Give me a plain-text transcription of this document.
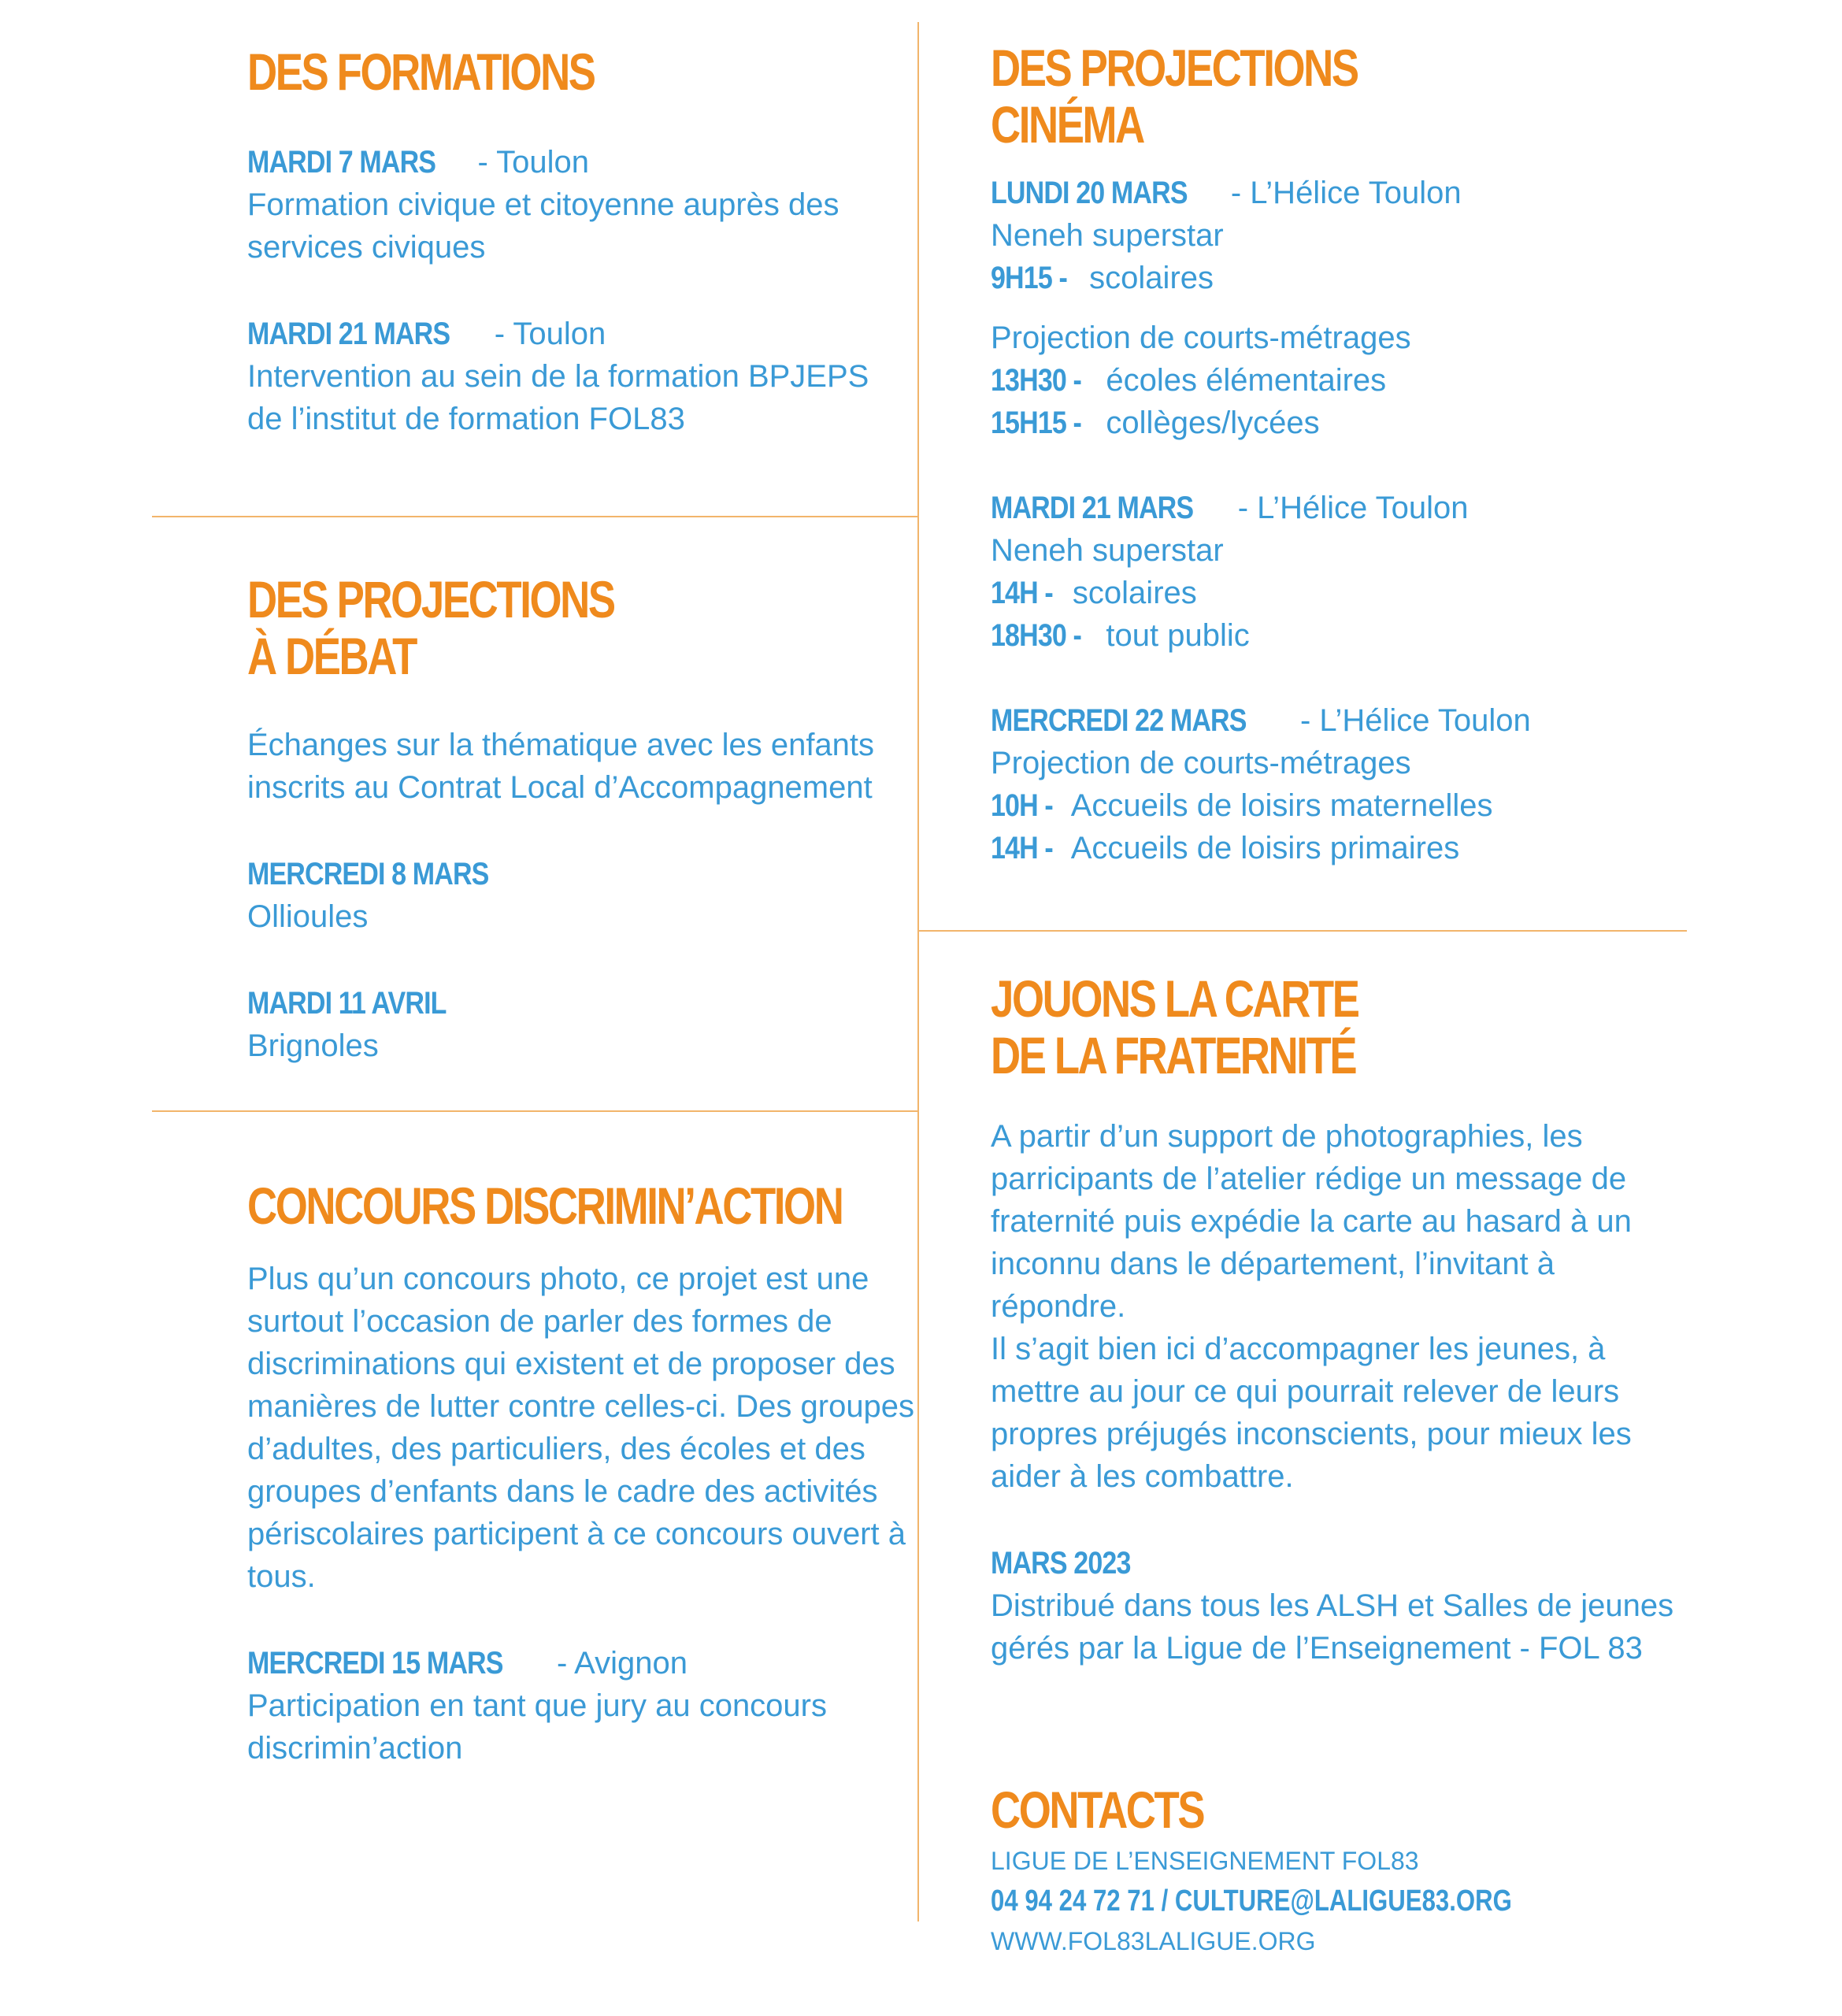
DES FORMATIONS
MARDI 7 MARS - Toulon
Formation civique et citoyenne auprès des
services civiques
MARDI 21 MARS - Toulon
Intervention au sein de la formation BPJEPS
de l’institut de formation FOL83
DES PROJECTIONS
À DÉBAT
Échanges sur la thématique avec les enfants
inscrits au Contrat Local d’Accompagnement
MERCREDI 8 MARS
Ollioules
MARDI 11 AVRIL
Brignoles
CONCOURS DISCRIMIN’ACTION
Plus qu’un concours photo, ce projet est une
surtout l’occasion de parler des formes de
discriminations qui existent et de proposer des
manières de lutter contre celles-ci. Des groupes
d’adultes, des particuliers, des écoles et des
groupes d’enfants dans le cadre des activités
périscolaires participent à ce concours ouvert à
tous.
MERCREDI 15 MARS - Avignon
Participation en tant que jury au concours
discrimin’action
DES PROJECTIONS
CINÉMA
LUNDI 20 MARS - L’Hélice Toulon
Neneh superstar
9H15 - scolaires
Projection de courts-métrages
13H30 - écoles élémentaires
15H15 - collèges/lycées
MARDI 21 MARS - L’Hélice Toulon
Neneh superstar
14H - scolaires
18H30 - tout public
MERCREDI 22 MARS - L’Hélice Toulon
Projection de courts-métrages
10H - Accueils de loisirs maternelles
14H - Accueils de loisirs primaires
JOUONS LA CARTE
DE LA FRATERNITÉ
A partir d’un support de photographies, les
parricipants de l’atelier rédige un message de
fraternité puis expédie la carte au hasard à un
inconnu dans le département, l’invitant à
répondre.
Il s’agit bien ici d’accompagner les jeunes, à
mettre au jour ce qui pourrait relever de leurs
propres préjugés inconscients, pour mieux les
aider à les combattre.
MARS 2023
Distribué dans tous les ALSH et Salles de jeunes
gérés par la Ligue de l’Enseignement - FOL 83
CONTACTS
LIGUE DE L’ENSEIGNEMENT FOL83
04 94 24 72 71 / CULTURE@LALIGUE83.ORG
WWW.FOL83LALIGUE.ORG
